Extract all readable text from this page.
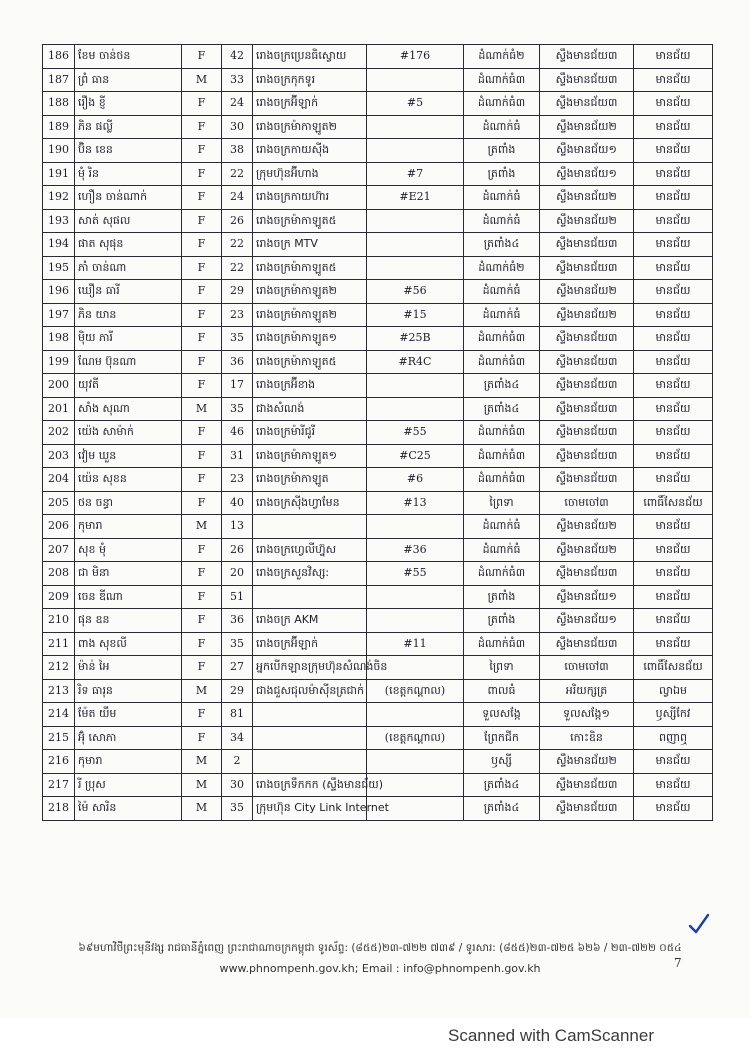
186	ខែម ចាន់ថន	F	42	រោងចក្រប្រេនធិស្វោយ	#176	ដំណាក់ធំ២	ស្ទឹងមានជ័យ៣	មានជ័យ
187	ព្រំ ធាន	M	33	រោងចក្រកុកទូរ		ដំណាក់ធំ៣	ស្ទឹងមានជ័យ៣	មានជ័យ
188	រឿង ខ្ញី	F	24	រោងចក្រអ៊ីឡាក់	#5	ដំណាក់ធំ៣	ស្ទឹងមានជ័យ៣	មានជ័យ
189	ភិន ផល្លី	F	30	រោងចក្រម៉ាកាឡូត២		ដំណាក់ធំ	ស្ទឹងមានជ័យ២	មានជ័យ
190	ប៊ិន ខេន	F	38	រោងចក្រកាយស៊ីង		ត្រពាំង	ស្ទឹងមានជ័យ១	មានជ័យ
191	មុំ រិន	F	22	ក្រុមហ៊ុនអ៊ីហាង	#7	ត្រពាំង	ស្ទឹងមានជ័យ១	មានជ័យ
192	ហឿន ចាន់ណាក់	F	24	រោងចក្រកាយហ៊ារ	#E21	ដំណាក់ធំ	ស្ទឹងមានជ័យ២	មានជ័យ
193	សាត់ សុផល	F	26	រោងចក្រម៉ាកាឡូត៥		ដំណាក់ធំ	ស្ទឹងមានជ័យ២	មានជ័យ
194	ផាត សុផុន	F	22	រោងចក្រ MTV		ត្រពាំង៤	ស្ទឹងមានជ័យ៣	មានជ័យ
195	ភាំ ចាន់ណា	F	22	រោងចក្រម៉ាកាឡូត៥		ដំណាក់ធំ២	ស្ទឹងមានជ័យ៣	មានជ័យ
196	ឃឿន ធារី	F	29	រោងចក្រម៉ាកាឡូត២	#56	ដំណាក់ធំ	ស្ទឹងមានជ័យ២	មានជ័យ
197	ភិន យាន	F	23	រោងចក្រម៉ាកាឡូត២	#15	ដំណាក់ធំ	ស្ទឹងមានជ័យ២	មានជ័យ
198	ម៉ិយ ភារី	F	35	រោងចក្រម៉ាកាឡូត១	#25B	ដំណាក់ធំ៣	ស្ទឹងមានជ័យ៣	មានជ័យ
199	ណែម ប៊ុនណា	F	36	រោងចក្រម៉ាកាឡូត៥	#R4C	ដំណាក់ធំ៣	ស្ទឹងមានជ័យ៣	មានជ័យ
200	យុវតី	F	17	រោងចក្រអ៊ីខាង		ត្រពាំង៤	ស្ទឹងមានជ័យ៣	មានជ័យ
201	សាំង សុណា	M	35	ជាងសំណង់		ត្រពាំង៤	ស្ទឹងមានជ័យ៣	មានជ័យ
202	យ៉េង សាម៉ាក់	F	46	រោងចក្រម៉ារីជូរី	#55	ដំណាក់ធំ៣	ស្ទឹងមានជ័យ៣	មានជ័យ
203	វៀម ឃួន	F	31	រោងចក្រម៉ាកាឡូត១	#C25	ដំណាក់ធំ៣	ស្ទឹងមានជ័យ៣	មានជ័យ
204	យ៉េន សុខន	F	23	រោងចក្រម៉ាកាឡូត	#6	ដំណាក់ធំ៣	ស្ទឹងមានជ័យ៣	មានជ័យ
205	ថន ចន្ធា	F	40	រោងចក្រស៊ីងហ្វាមែន	#13	ព្រៃទា	ចោមចៅ៣	ពោធិ៍សែនជ័យ
206	កុមារា	M	13			ដំណាក់ធំ	ស្ទឹងមានជ័យ២	មានជ័យ
207	សុខ មុំ	F	26	រោងចក្រហ្វេលីហ្វ៊ុស	#36	ដំណាក់ធំ	ស្ទឹងមានជ័យ២	មានជ័យ
208	ជា មិនា	F	20	រោងចក្រសួនវិស្ស:	#55	ដំណាក់ធំ៣	ស្ទឹងមានជ័យ៣	មានជ័យ
209	ចេន ឌីណា	F	51			ត្រពាំង	ស្ទឹងមានជ័យ១	មានជ័យ
210	ផុន ឧន	F	36	រោងចក្រ AKM		ត្រពាំង	ស្ទឹងមានជ័យ១	មានជ័យ
211	ពាង សុខលី	F	35	រោងចក្រអ៊ីឡាក់	#11	ដំណាក់ធំ៣	ស្ទឹងមានជ័យ៣	មានជ័យ
212	ម៉ាន់ អៃ	F	27	អ្នកបើកឡានក្រុមហ៊ុនសំណង់ចិន		ព្រៃទា	ចោមចៅ៣	ពោធិ៍សែនជ័យ
213	រិទ ធារុន	M	29	ជាងជួសជុលម៉ាស៊ីនត្រជាក់	(ខេត្តកណ្ដាល)	ពាលធំ	អរិយក្សត្រ	ល្វាឯម
214	ម៉ែត យឹម	F	81			ទួលសង្កែ	ទួលសង្កែ១	ឫស្សីកែវ
215	អ៊ុំ សោភា	F	34		(ខេត្តកណ្ដាល)	ព្រែកជីក	កោះឧិន	ពញាឮ
216	កុមារា	M	2			ឫស្សី	ស្ទឹងមានជ័យ២	មានជ័យ
217	រី ប្រុស	M	30	រោងចក្រទឹកកក (ស្ទឹងមានជ័យ)		ត្រពាំង៤	ស្ទឹងមានជ័យ៣	មានជ័យ
218	ម៉ៃ សារិន	M	35	ក្រុមហ៊ុន City Link Internet		ត្រពាំង៤	ស្ទឹងមានជ័យ៣	មានជ័យ
៦៩មហាវិថីព្រះមុនីវង្ស រាជធានីភ្នំពេញ ព្រះរាជាណាចក្រកម្ពុជា ទូរស័ព្ទ: (៨៥៥)២៣-៧២២ ៧៣៩ / ទូរសារ: (៨៥៥)២៣-៧២៥ ៦២៦ / ២៣-៧២២ ០៥៤
www.phnompenh.gov.kh; Email : info@phnompenh.gov.kh	7
Scanned with CamScanner
